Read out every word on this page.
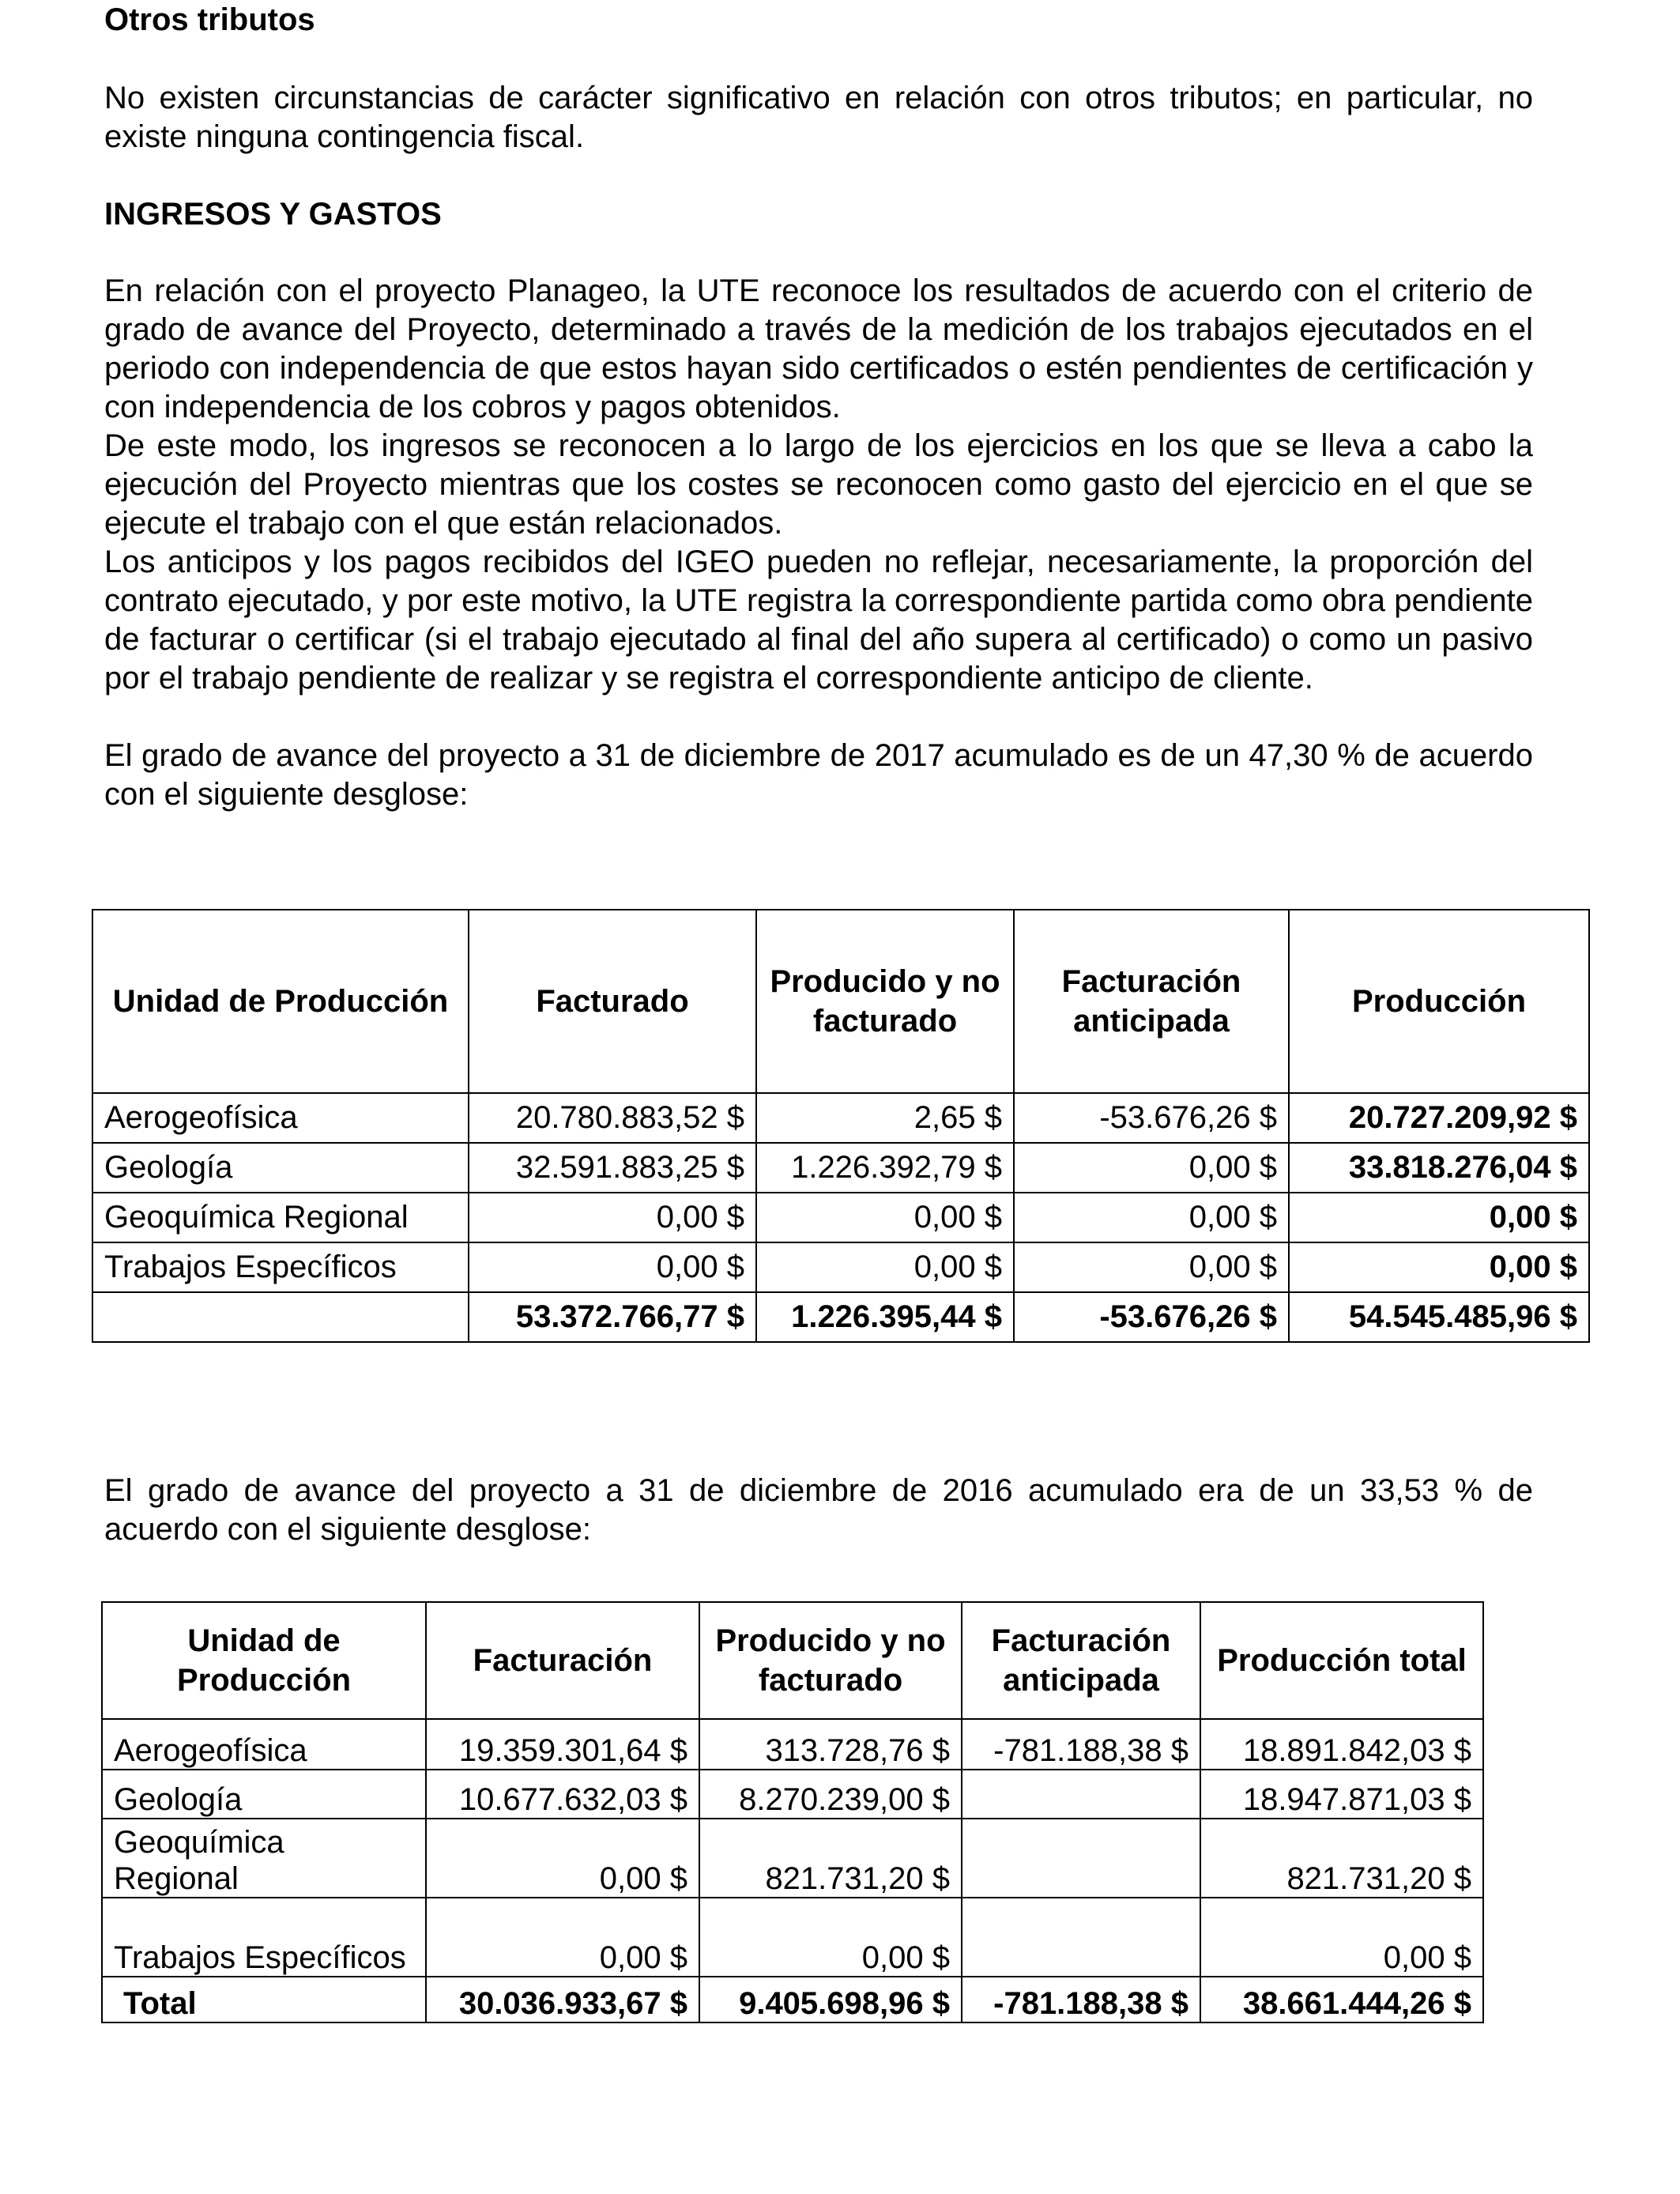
Otros tributos
No existen circunstancias de carácter significativo en relación con otros tributos; en particular, no existe ninguna contingencia fiscal.
INGRESOS Y GASTOS
En relación con el proyecto Planageo, la UTE reconoce los resultados de acuerdo con el criterio de grado de avance del Proyecto, determinado a través de la medición de los trabajos ejecutados en el periodo con independencia de que estos hayan sido certificados o estén pendientes de certificación y con independencia de los cobros y pagos obtenidos.
De este modo, los ingresos se reconocen a lo largo de los ejercicios en los que se lleva a cabo la ejecución del Proyecto mientras que los costes se reconocen como gasto del ejercicio en el que se ejecute el trabajo con el que están relacionados.
Los anticipos y los pagos recibidos del IGEO pueden no reflejar, necesariamente, la proporción del contrato ejecutado, y por este motivo, la UTE registra la correspondiente partida como obra pendiente de facturar o certificar (si el trabajo ejecutado al final del año supera al certificado) o como un pasivo por el trabajo pendiente de realizar y se registra el correspondiente anticipo de cliente.
El grado de avance del proyecto a 31 de diciembre de 2017 acumulado es de un 47,30 % de acuerdo con el siguiente desglose:
Unidad de Producción	Facturado	Producido y no facturado	Facturación anticipada	Producción
Aerogeofísica	20.780.883,52 $	2,65 $	-53.676,26 $	20.727.209,92 $
Geología	32.591.883,25 $	1.226.392,79 $	0,00 $	33.818.276,04 $
Geoquímica Regional	0,00 $	0,00 $	0,00 $	0,00 $
Trabajos Específicos	0,00 $	0,00 $	0,00 $	0,00 $
	53.372.766,77 $	1.226.395,44 $	-53.676,26 $	54.545.485,96 $
El grado de avance del proyecto a 31 de diciembre de 2016 acumulado era de un 33,53 % de acuerdo con el siguiente desglose:
Unidad de Producción	Facturación	Producido y no facturado	Facturación anticipada	Producción total
Aerogeofísica	19.359.301,64 $	313.728,76 $	-781.188,38 $	18.891.842,03 $
Geología	10.677.632,03 $	8.270.239,00 $		18.947.871,03 $
Geoquímica Regional	0,00 $	821.731,20 $		821.731,20 $
Trabajos Específicos	0,00 $	0,00 $		0,00 $
Total	30.036.933,67 $	9.405.698,96 $	-781.188,38 $	38.661.444,26 $
